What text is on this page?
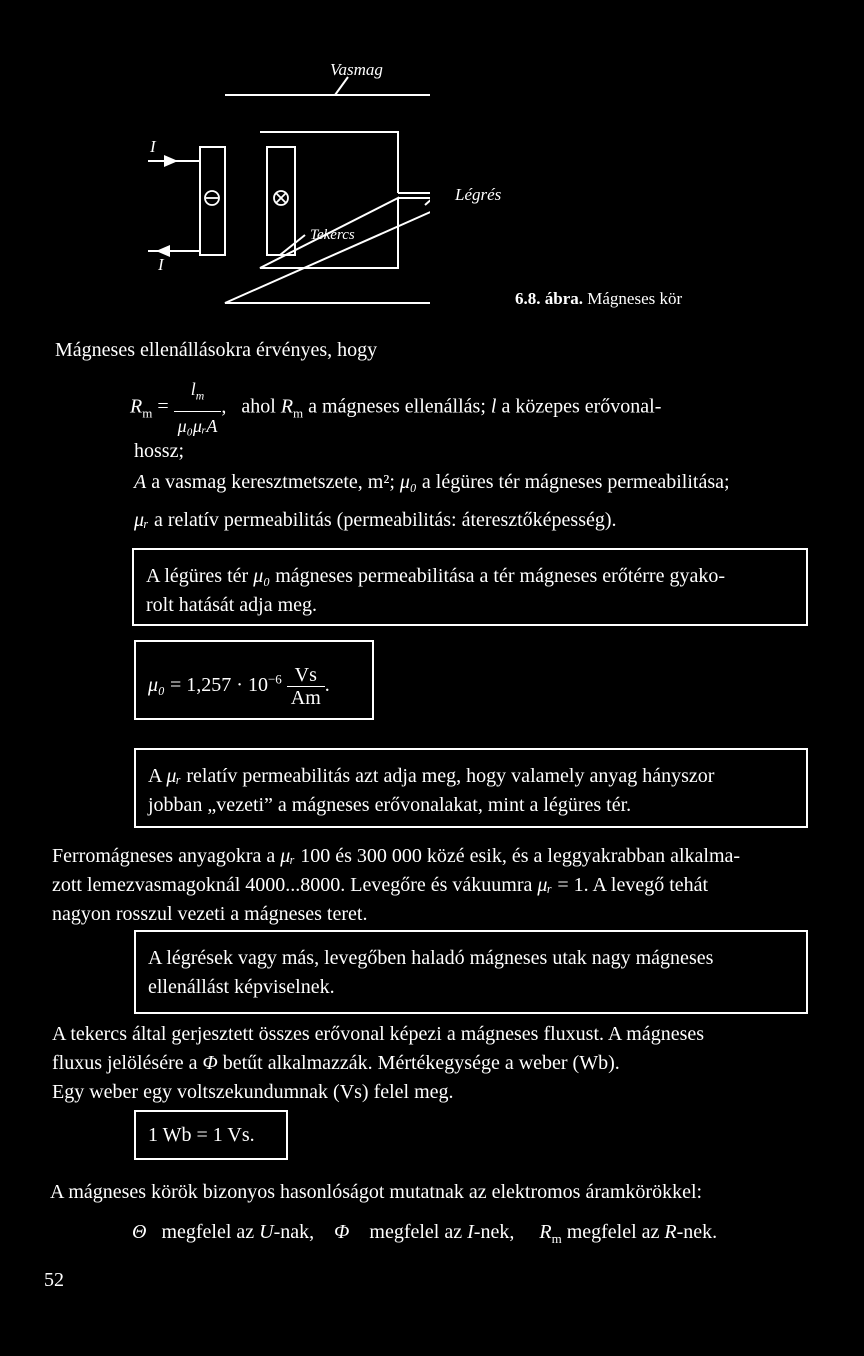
Vasmag
Légrés
Tekercs
I
I
6.8. ábra. Mágneses kör
Mágneses ellenállásokra érvényes, hogy
$R_m = \frac{l_m}{\text{μ₀μᵣA}}$ , ahol $R_m$ a mágneses ellenállás; l a közepes erővonal-
hossz;
A a vasmag keresztmetszete, m²; μ₀ a légüres tér mágneses permeabilitása;
μᵣ a relatív permeabilitás (permeabilitás: áteresztőképesség).
A légüres tér μ₀ mágneses permeabilitása a tér mágneses erőtérre gyako-
rolt hatását adja meg.
$\mu_0 = 1,257 \cdot 10^{-6} \frac{Vs}{Am}$ .
A μᵣ relatív permeabilitás azt adja meg, hogy valamely anyag hányszor
jobban „vezeti” a mágneses erővonalakat, mint a légüres tér.
Ferromágneses anyagokra a μᵣ 100 és 300 000 közé esik, és a leggyakrabban alkalma-
zott lemezvasmagoknál 4000...8000. Levegőre és vákuumra μᵣ = 1. A levegő tehát
nagyon rosszul vezeti a mágneses teret.
A légrések vagy más, levegőben haladó mágneses utak nagy mágneses
ellenállást képviselnek.
A tekercs által gerjesztett összes erővonal képezi a mágneses fluxust. A mágneses
fluxus jelölésére a Φ betűt alkalmazzák. Mértékegysége a weber (Wb).
Egy weber egy voltszekundumnak (Vs) felel meg.
1 Wb = 1 Vs.
A mágneses körök bizonyos hasonlóságot mutatnak az elektromos áramkörökkel:
Θ megfelel az U-nak, Φ megfelel az I-nek, $R_m$ megfelel az R-nek.
52
